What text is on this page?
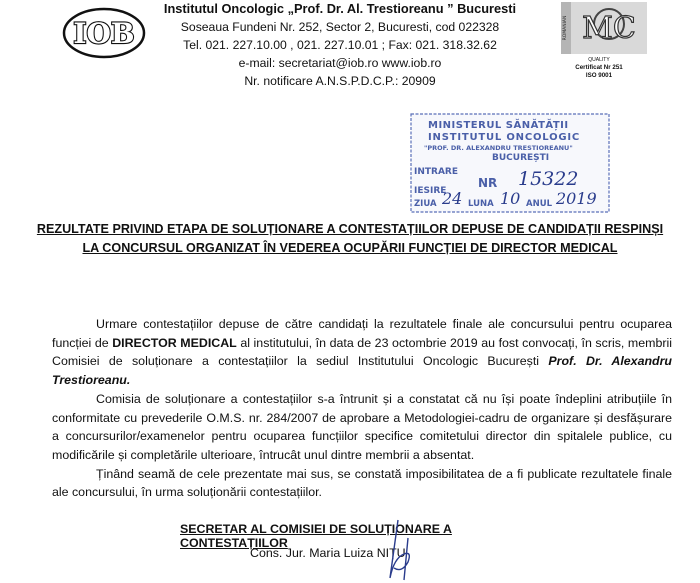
IOB
Institutul Oncologic „Prof. Dr. Al. Trestioreanu ” Bucuresti
Soseaua Fundeni Nr. 252, Sector 2, Bucuresti, cod 022328
Tel. 021. 227.10.00 , 021. 227.10.01 ; Fax: 021. 318.32.62
e-mail: secretariat@iob.ro www.iob.ro
Nr. notificare A.N.S.P.D.C.P.: 20909
ROMANIAN MC
QUALITY
Certificat Nr 251
ISO 9001
MINISTERUL SĂNĂTĂȚII
INSTITUTUL ONCOLOGIC
"PROF. DR. ALEXANDRU TRESTIOREANU"
BUCUREȘTI
INTRARE
IESIRE
NR 15322
ZIUA 24 LUNA 10 ANUL 2019
REZULTATE PRIVIND ETAPA DE SOLUȚIONARE A CONTESTAȚIILOR DEPUSE DE CANDIDAȚII RESPINȘI
LA CONCURSUL ORGANIZAT ÎN VEDEREA OCUPĂRII FUNCȚIEI DE DIRECTOR MEDICAL

Urmare contestațiilor depuse de către candidați la rezultatele finale ale concursului pentru ocuparea funcției de DIRECTOR MEDICAL al institutului, în data de 23 octombrie 2019 au fost convocați, în scris, membrii Comisiei de soluționare a contestațiilor la sediul Institutului Oncologic București Prof. Dr. Alexandru Trestioreanu.

Comisia de soluționare a contestațiilor s-a întrunit și a constatat că nu își poate îndeplini atribuțiile în conformitate cu prevederile O.M.S. nr. 284/2007 de aprobare a Metodologiei-cadru de organizare și desfășurare a concursurilor/examenelor pentru ocuparea funcțiilor specifice comitetului director din spitalele publice, cu modificările și completările ulterioare, întrucât unul dintre membrii a absentat.

Ținând seamă de cele prezentate mai sus, se constată imposibilitatea de a fi publicate rezultatele finale ale concursului, în urma soluționării contestațiilor.

SECRETAR AL COMISIEI DE SOLUȚIONARE A CONTESTAȚIILOR
Cons. Jur. Maria Luiza NIȚU
